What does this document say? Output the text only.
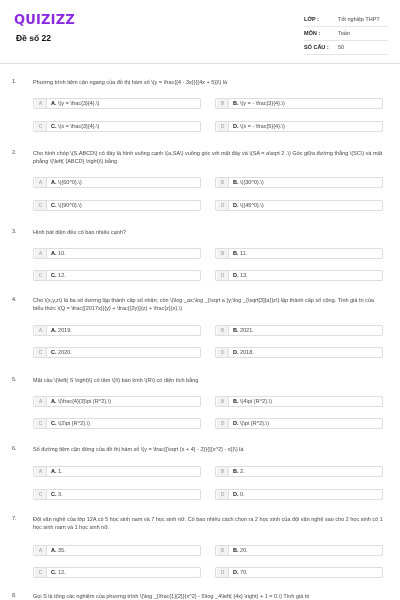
QUIZIZZ
Đề số 22
LỚP :	Tốt nghiệp THPT
MÔN :	Toán
SỐ CÂU :	50
1.	Phương trình tiệm cận ngang của đồ thị hàm số \(y = \frac{{4 - 3x}}{{4x + 5}}\) là
A	A. \(y = \frac{3}{4}.\)	B	B. \(y = - \frac{3}{4}.\)
C	C. \(x = \frac{3}{4}.\)	D	D. \(x = - \frac{5}{4}.\)
2.	Cho hình chóp \(S.ABCD\) có đáy là hình vuông cạnh \(a,SA\) vuông góc với mặt đáy và \(SA = a\sqrt 2 .\) Góc giữa đường thẳng \(SC\) và mặt phẳng \(\left( {ABCD} \right)\) bằng
A	A. \({60^0}.\)	B	B. \({30^0}.\)
C	C. \({90^0}.\)	D	D. \({45^0}.\)
3.	Hình bát diện đều có bao nhiêu cạnh?
A	A. 10.	B	B. 11.
C	C. 12.	D	D. 13.
4.	Cho \(x,y,z\) là ba số dương lập thành cấp số nhân; còn \(\log _ax;\log _{\sqrt a }y;\log _{\sqrt[3]{a}}z\) lập thành cấp số cộng. Tính giá trị của biểu thức \(Q = \frac{{2017x}}{y} + \frac{{2y}}{z} + \frac{z}{x}.\)
A	A. 2019.	B	B. 2021.
C	C. 2020.	D	D. 2018.
5.	Mặt cầu \(\left( S \right)\) có tâm \(I\) bán kính \(R\) có diện tích bằng
A	A. \(\frac{4}{3}\pi {R^2}.\)	B	B. \(4\pi {R^2}.\)
C	C. \(2\pi {R^2}.\)	D	D. \(\pi {R^2}.\)
6.	Số đường tiệm cận đứng của đồ thị hàm số \(y = \frac{{\sqrt {x + 4} - 2}}{{{x^2} - x}}\) là
A	A. 1.	B	B. 2.
C	C. 3.	D	D. 0.
7.	Đội văn nghệ của lớp 12A có 5 học sinh nam và 7 học sinh nữ. Có bao nhiêu cách chọn ra 2 học sinh của đội văn nghệ sao cho 2 học sinh có 1 học sinh nam và 1 học sinh nữ.
A	A. 35.	B	B. 20.
C	C. 12.	D	D. 70.
8.	Gọi S là tổng các nghiệm của phương trình \(\log _{\frac{1}{2}}{x^2} - 5\log _4\left( {4x} \right) + 1 = 0.\) Tính giá trị
